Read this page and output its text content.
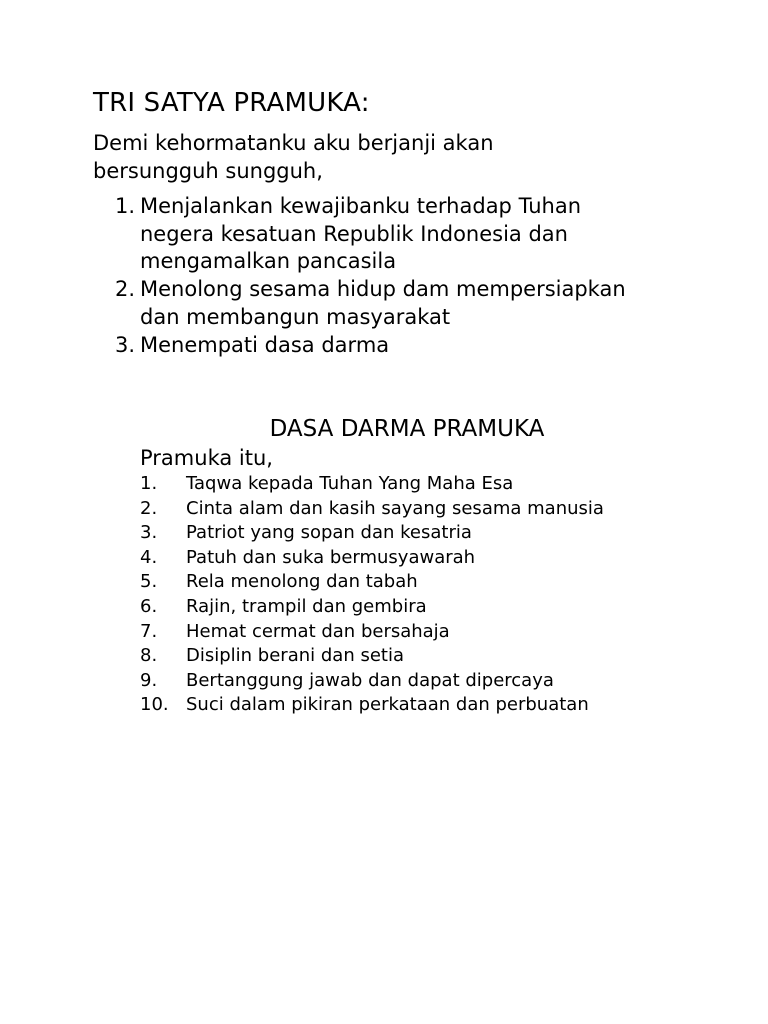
TRI SATYA PRAMUKA:
Demi kehormatanku aku berjanji akan bersungguh sungguh,
1. Menjalankan kewajibanku terhadap Tuhan negera kesatuan Republik Indonesia dan mengamalkan pancasila
2. Menolong sesama hidup dam mempersiapkan dan membangun masyarakat
3. Menempati dasa darma
DASA DARMA PRAMUKA
Pramuka itu,
1. Taqwa kepada Tuhan Yang Maha Esa
2. Cinta alam dan kasih sayang sesama manusia
3. Patriot yang sopan dan kesatria
4. Patuh dan suka bermusyawarah
5. Rela menolong dan tabah
6. Rajin, trampil dan gembira
7. Hemat cermat dan bersahaja
8. Disiplin berani dan setia
9. Bertanggung jawab dan dapat dipercaya
10. Suci dalam pikiran perkataan dan perbuatan
